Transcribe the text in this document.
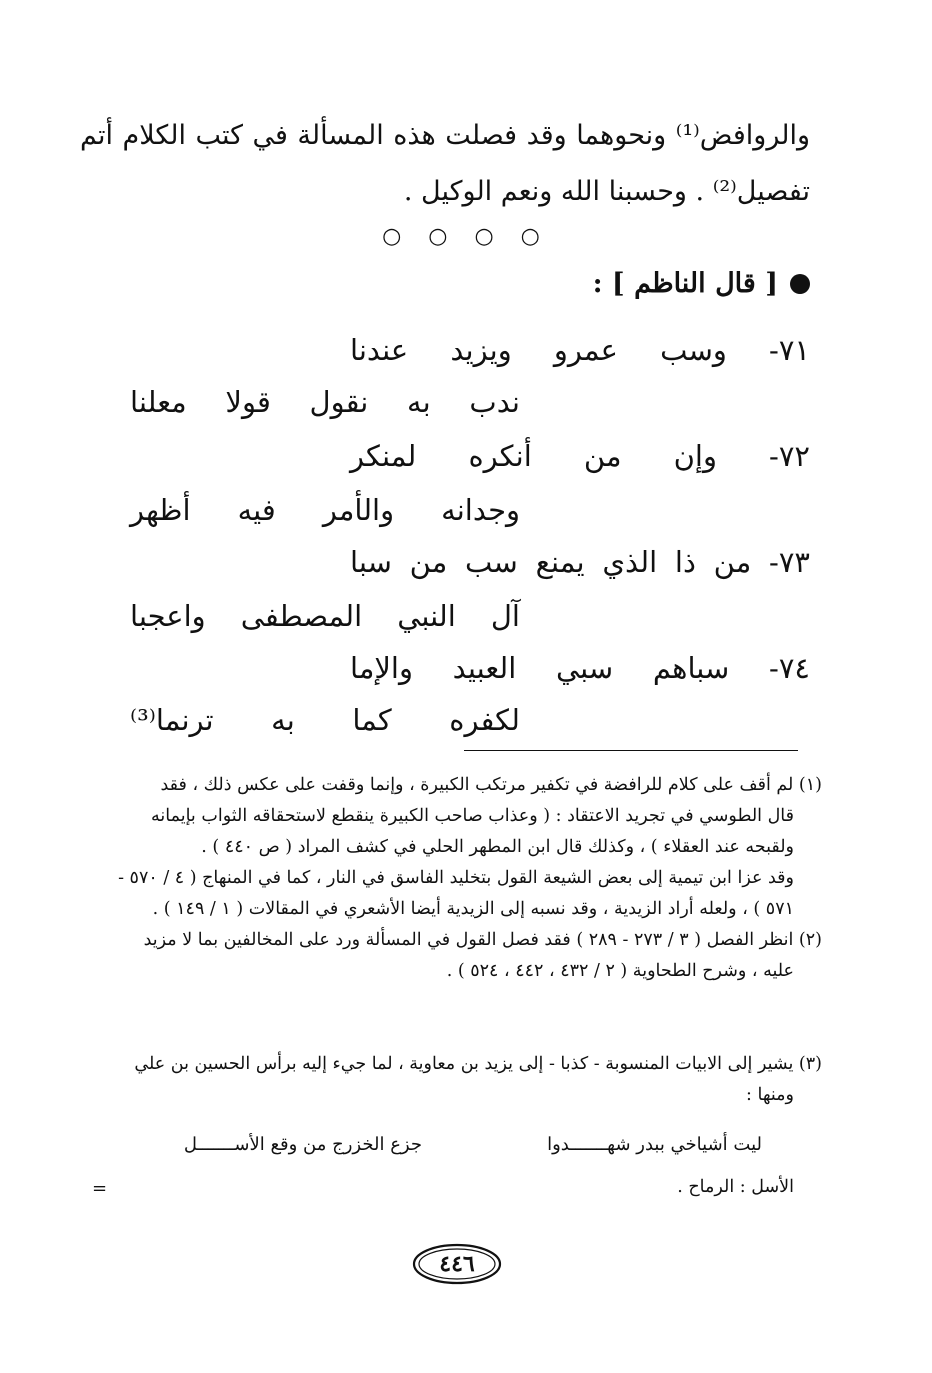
والروافض⁽¹⁾ ونحوهما وقد فصلت هذه المسألة في كتب الكلام أتم
تفصيل⁽²⁾ . وحسبنا الله ونعم الوكيل .
○ ○ ○ ○
[ قال الناظم ] :
٧١- وسب عمرو ويزيد عندنا
ندب به نقول قولا معلنا
٧٢- وإن من أنكره لمنكر
وجدانه والأمر فيه أظهر
٧٣- من ذا الذي يمنع سب من سبا
آل النبي المصطفى واعجبا
٧٤- سباهم سبي العبيد والإما
لكفره كما به ترنما⁽³⁾
(١) لم أقف على كلام للرافضة في تكفير مرتكب الكبيرة ، وإنما وقفت على عكس ذلك ، فقد
قال الطوسي في تجريد الاعتقاد : ( وعذاب صاحب الكبيرة ينقطع لاستحقاقه الثواب بإيمانه
ولقبحه عند العقلاء ) ، وكذلك قال ابن المطهر الحلي في كشف المراد ( ص ٤٤٠ ) .
وقد عزا ابن تيمية إلى بعض الشيعة القول بتخليد الفاسق في النار ، كما في المنهاج ( ٤ / ٥٧٠ -
٥٧١ ) ، ولعله أراد الزيدية ، وقد نسبه إلى الزيدية أيضا الأشعري في المقالات ( ١ / ١٤٩ ) .
(٢) انظر الفصل ( ٣ / ٢٧٣ - ٢٨٩ ) فقد فصل القول في المسألة ورد على المخالفين بما لا مزيد
عليه ، وشرح الطحاوية ( ٢ / ٤٣٢ ، ٤٤٢ ، ٥٢٤ ) .
(٣) يشير إلى الابيات المنسوبة - كذبا - إلى يزيد بن معاوية ، لما جيء إليه برأس الحسين بن علي
ومنها :
ليت أشياخي ببدر شهـــــــدوا
جزع الخزرج من وقع الأســـــــل
الأسل : الرماح .
=
٤٤٦
